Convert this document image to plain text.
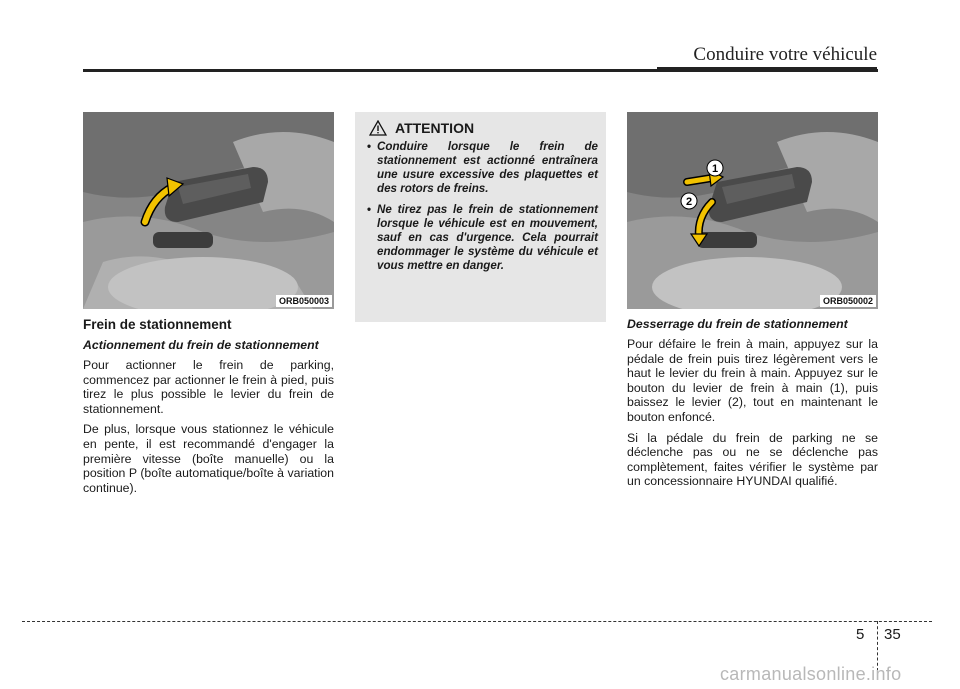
Conduire votre véhicule
ORB050003
Frein de stationnement
Actionnement du frein de stationnement

Pour actionner le frein de parking, commencez par actionner le frein à pied, puis tirez le plus possible le levier du frein de stationnement.

De plus, lorsque vous stationnez le véhicule en pente, il est recommandé d'engager la première vitesse (boîte manuelle) ou la position P (boîte automatique/boîte à variation continue).

ATTENTION
• Conduire lorsque le frein de stationnement est actionné entraînera une usure excessive des plaquettes et des rotors de freins.
• Ne tirez pas le frein de stationnement lorsque le véhicule est en mouvement, sauf en cas d'urgence. Cela pourrait endommager le système du véhicule et vous mettre en danger.
1
2
ORB050002
Desserrage du frein de stationnement

Pour défaire le frein à main, appuyez sur la pédale de frein puis tirez légèrement vers le haut le levier du frein à main. Appuyez sur le bouton du levier de frein à main (1), puis baissez le levier (2), tout en maintenant le bouton enfoncé.

Si la pédale du frein de parking ne se déclenche pas ou ne se déclenche pas complètement, faites vérifier le système par un concessionnaire HYUNDAI qualifié.

5 35
carmanualsonline.info
